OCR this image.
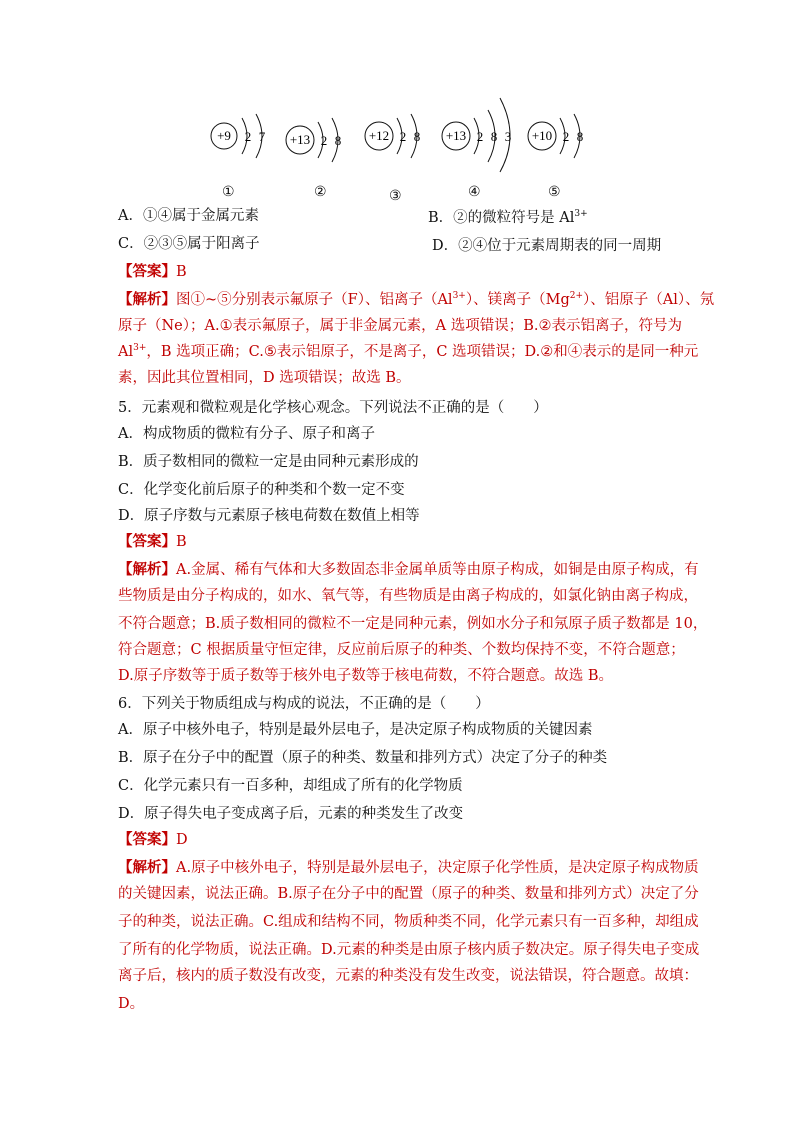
+9 2 7
①
+13 2 8
②
+12 2 8
③
+13 2 8 3
④
+10 2 8
⑤
A．①④属于金属元素	B．②的微粒符号是 $Al^{3+}$
C．②③⑤属于阳离子	D．②④位于元素周期表的同一周期
【答案】B
【解析】图①~⑤分别表示氟原子（F）、铝离子$(Al^{3+})$、镁离子$(Mg^{2+})$、铝原子（Al）、氖
原子（Ne）；A.①表示氟原子，属于非金属元素，A 选项错误；B.②表示铝离子，符号为
$Al^{3+}$，B 选项正确；C.⑤表示铝原子，不是离子，C 选项错误；D.②和④表示的是同一种元
素，因此其位置相同，D 选项错误；故选 B。
5．元素观和微粒观是化学核心观念。下列说法不正确的是（　　）
A．构成物质的微粒有分子、原子和离子
B．质子数相同的微粒一定是由同种元素形成的
C．化学变化前后原子的种类和个数一定不变
D．原子序数与元素原子核电荷数在数值上相等
【答案】B
【解析】A.金属、稀有气体和大多数固态非金属单质等由原子构成，如铜是由原子构成，有
些物质是由分子构成的，如水、氧气等，有些物质是由离子构成的，如氯化钠由离子构成，
不符合题意；B.质子数相同的微粒不一定是同种元素，例如水分子和氖原子质子数都是 10，
符合题意；C 根据质量守恒定律，反应前后原子的种类、个数均保持不变，不符合题意；
D.原子序数等于质子数等于核外电子数等于核电荷数，不符合题意。故选 B。
6．下列关于物质组成与构成的说法，不正确的是（　　）
A．原子中核外电子，特别是最外层电子，是决定原子构成物质的关键因素
B．原子在分子中的配置（原子的种类、数量和排列方式）决定了分子的种类
C．化学元素只有一百多种，却组成了所有的化学物质
D．原子得失电子变成离子后，元素的种类发生了改变
【答案】D
【解析】A.原子中核外电子，特别是最外层电子，决定原子化学性质，是决定原子构成物质
的关键因素，说法正确。B.原子在分子中的配置（原子的种类、数量和排列方式）决定了分
子的种类，说法正确。C.组成和结构不同，物质种类不同，化学元素只有一百多种，却组成
了所有的化学物质，说法正确。D.元素的种类是由原子核内质子数决定。原子得失电子变成
离子后，核内的质子数没有改变，元素的种类没有发生改变，说法错误，符合题意。故填：
D。
